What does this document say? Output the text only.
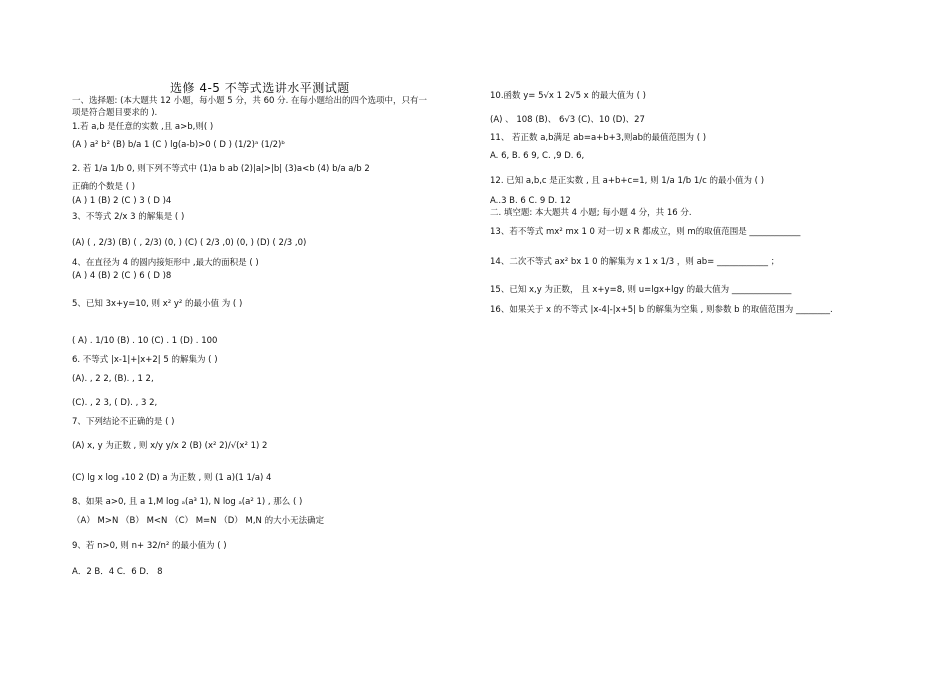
选修 4-5 不等式选讲水平测试题
一、选择题: (本大题共 12 小题，每小题 5 分，共 60 分. 在每小题给出的四个选项中，只有一
项是符合题目要求的 ).
1.若 a,b 是任意的实数 ,且 a>b,则( )
(A ) a² b² (B) b/a 1 (C ) lg(a-b)>0 ( D ) (1/2)ᵃ (1/2)ᵇ
2. 若 1/a 1/b 0, 则下列不等式中 (1)a b ab (2)|a|>|b| (3)a<b (4) b/a a/b 2
正确的个数是 ( )
(A ) 1 (B) 2 (C ) 3 ( D )4
3、不等式 2/x 3 的解集是 ( )
(A) ( , 2/3) (B) ( , 2/3) (0, ) (C) ( 2/3 ,0) (0, ) (D) ( 2/3 ,0)
4、在直径为 4 的圆内接矩形中 ,最大的面积是 ( )
(A ) 4 (B) 2 (C ) 6 ( D )8
5、已知 3x+y=10, 则 x² y² 的最小值 为 ( )
( A) . 1/10 (B) . 10 (C) . 1 (D) . 100
6. 不等式 |x-1|+|x+2| 5 的解集为 ( )
(A). , 2 2, (B). , 1 2,
(C). , 2 3, ( D). , 3 2,
7、下列结论不正确的是 ( )
(A) x, y 为正数 , 则 x/y y/x 2 (B) (x² 2)/√(x² 1) 2
(C) lg x log ₓ10 2 (D) a 为正数 , 则 (1 a)(1 1/a) 4
8、如果 a>0, 且 a 1,M log ₐ(a³ 1), N log ₐ(a² 1) , 那么 ( )
（A） M>N （B） M<N （C） M=N （D） M,N 的大小无法确定
9、若 n>0, 则 n+ 32/n² 的最小值为 ( )
A．2 B．4 C．6 D． 8
10.函数 y= 5√x 1 2√5 x 的最大值为 ( )
(A) 、 108 (B)、 6√3 (C)、10 (D)、27
11、 若正数 a,b满足 ab=a+b+3,则ab的最值范围为 ( )
A. 6, B. 6 9, C. ,9 D. 6,
12. 已知 a,b,c 是正实数 , 且 a+b+c=1, 则 1/a 1/b 1/c 的最小值为 ( )
A..3 B. 6 C. 9 D. 12
二. 填空题: 本大题共 4 小题; 每小题 4 分，共 16 分.
13、若不等式 mx² mx 1 0 对一切 x R 都成立，则 m的取值范围是 ____________
14、二次不等式 ax² bx 1 0 的解集为 x 1 x 1/3 ，则 ab= ____________ ；
15、已知 x,y 为正数， 且 x+y=8, 则 u=lgx+lgy 的最大值为 ______________
16、如果关于 x 的不等式 |x-4|-|x+5| b 的解集为空集 , 则参数 b 的取值范围为 ________.
